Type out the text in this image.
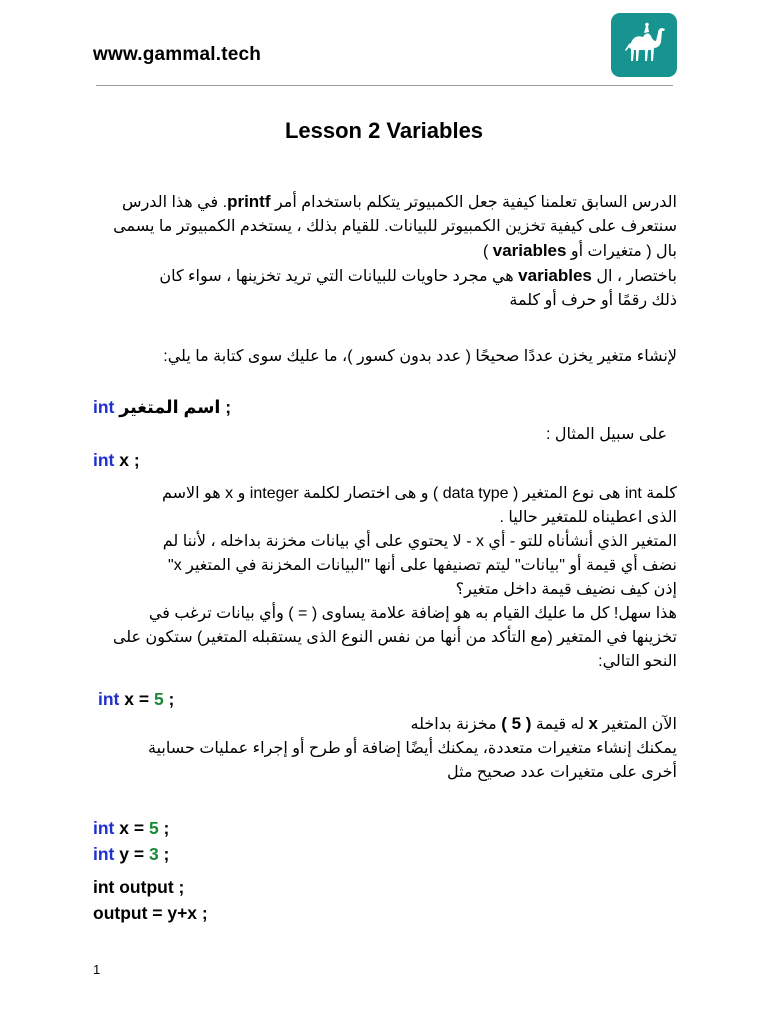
www.gammal.tech
Lesson 2 Variables
الدرس السابق تعلمنا كيفية جعل الكمبيوتر يتكلم باستخدام أمر printf. في هذا الدرس
سنتعرف على كيفية تخزين الكمبيوتر للبيانات. للقيام بذلك ، يستخدم الكمبيوتر ما يسمى
بال ( متغيرات أو variables )
باختصار ، ال variables هي مجرد حاويات للبيانات التي تريد تخزينها ، سواء كان
ذلك رقمًا أو حرف أو كلمة
لإنشاء متغير يخزن عددًا صحيحًا ( عدد بدون كسور )، ما عليك سوى كتابة ما يلي:
int اسم المتغير ;
على سبيل المثال :
int x ;
كلمة int هى نوع المتغير ( data type ) و هى اختصار لكلمة integer و x هو الاسم
الذى اعطيناه للمتغير حاليا .
المتغير الذي أنشأناه للتو - أي x - لا يحتوي على أي بيانات مخزنة بداخله ، لأننا لم
نضف أي قيمة أو "بيانات" ليتم تصنيفها على أنها "البيانات المخزنة في المتغير x"
إذن كيف نضيف قيمة داخل متغير؟
هذا سهل! كل ما عليك القيام به هو إضافة علامة يساوى ( = ) وأي بيانات ترغب في
تخزينها في المتغير (مع التأكد من أنها من نفس النوع الذى يستقبله المتغير) ستكون على
النحو التالي:
int x = 5 ;
الآن المتغير x له قيمة ( 5 ) مخزنة بداخله
يمكنك إنشاء متغيرات متعددة، يمكنك أيضًا إضافة أو طرح أو إجراء عمليات حسابية
أخرى على متغيرات عدد صحيح مثل
int x = 5 ;
int y = 3 ;
int output ;
output = y+x ;
1
